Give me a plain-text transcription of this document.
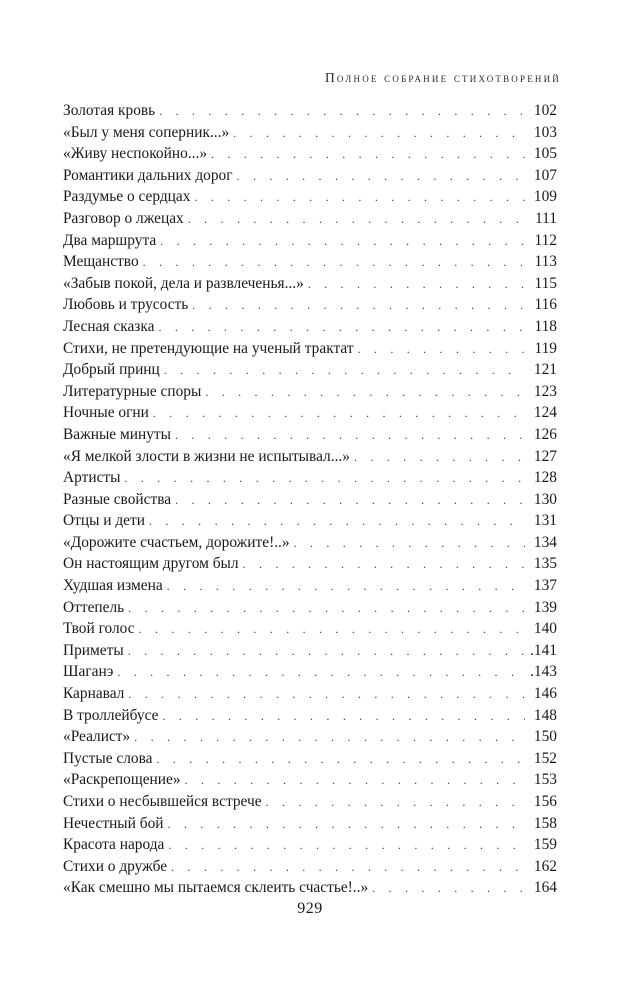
Полное собрание стихотворений
Золотая кровь . . .	102
«Был у меня соперник...» . . .	103
«Живу неспокойно...» . . .	105
Романтики дальних дорог . . .	107
Раздумье о сердцах . . .	109
Разговор о лжецах . . .	111
Два маршрута . . .	112
Мещанство . . .	113
«Забыв покой, дела и развлеченья...» . . .	115
Любовь и трусость . . .	116
Лесная сказка . . .	118
Стихи, не претендующие на ученый трактат . . .	119
Добрый принц . . .	121
Литературные споры . . .	123
Ночные огни . . .	124
Важные минуты . . .	126
«Я мелкой злости в жизни не испытывал...» . . .	127
Артисты . . .	128
Разные свойства . . .	130
Отцы и дети . . .	131
«Дорожите счастьем, дорожите!..» . . .	134
Он настоящим другом был . . .	135
Худшая измена . . .	137
Оттепель . . .	139
Твой голос . . .	140
Приметы . . .	.141
Шаганэ . . .	.143
Карнавал . . .	146
В троллейбусе . . .	148
«Реалист» . . .	150
Пустые слова . . .	152
«Раскрепощение» . . .	153
Стихи о несбывшейся встрече . . .	156
Нечестный бой . . .	158
Красота народа . . .	159
Стихи о дружбе . . .	162
«Как смешно мы пытаемся склеить счастье!..» . . .	164
929
